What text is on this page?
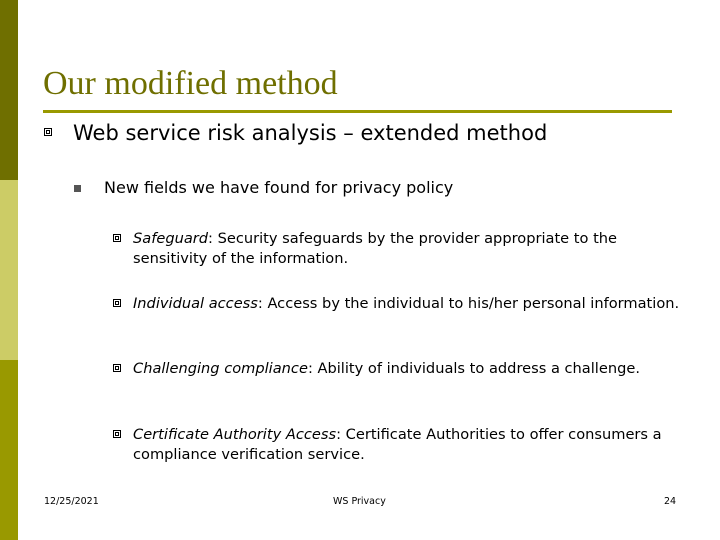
Our modified method
Web service risk analysis – extended method
New fields we have found for privacy policy
Safeguard: Security safeguards by the provider appropriate to the sensitivity of the information.
Individual access: Access by the individual to his/her personal information.
Challenging compliance: Ability of individuals to address a challenge.
Certificate Authority Access: Certificate Authorities to offer consumers a compliance verification service.
12/25/2021	WS Privacy	24
